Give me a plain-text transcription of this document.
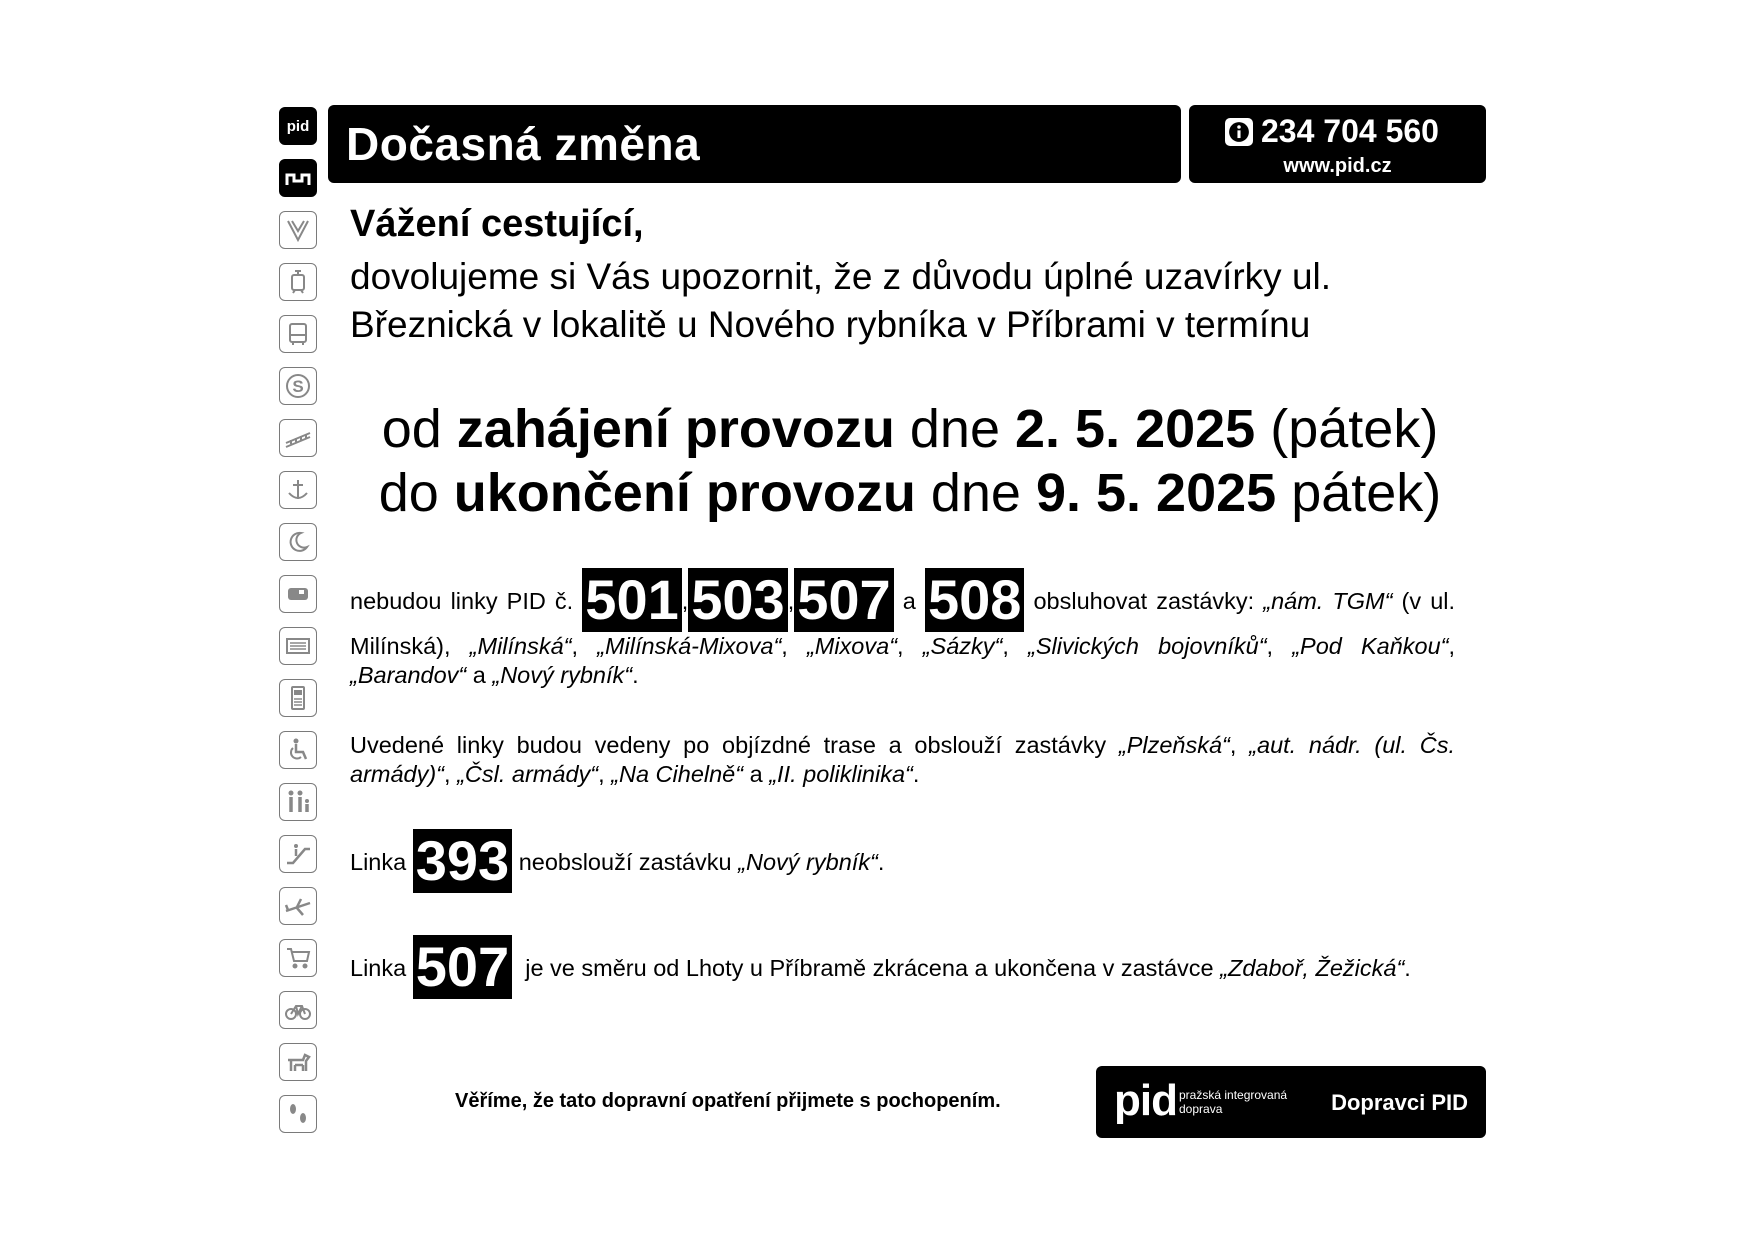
pid
S
Dočasná změna	234 704 560
www.pid.cz
Vážení cestující,
dovolujeme si Vás upozornit, že z důvodu úplné uzavírky ul.
Březnická v lokalitě u Nového rybníka v Příbrami v termínu
od zahájení provozu dne 2. 5. 2025 (pátek)
do ukončení provozu dne 9. 5. 2025 pátek)
nebudou linky PID č. 501 ,503 ,507 a 508 obsluhovat zastávky: „nám. TGM“ (v ul. Milínská), „Milínská“, „Milínská-Mixova“, „Mixova“, „Sázky“, „Slivických bojovníků“, „Pod Kaňkou“, „Barandov“ a „Nový rybník“.
Uvedené linky budou vedeny po objízdné trase a obslouží zastávky „Plzeňská“, „aut. nádr. (ul. Čs. armády)“, „Čsl. armády“, „Na Cihelně“ a „II. poliklinika“.
Linka 393 neobslouží zastávku „Nový rybník“.
Linka 507 je ve směru od Lhoty u Příbramě zkrácena a ukončena v zastávce „Zdaboř, Žežická“.
Věříme, že tato dopravní opatření přijmete s pochopením.	pid pražská integrovaná
doprava	Dopravci PID
